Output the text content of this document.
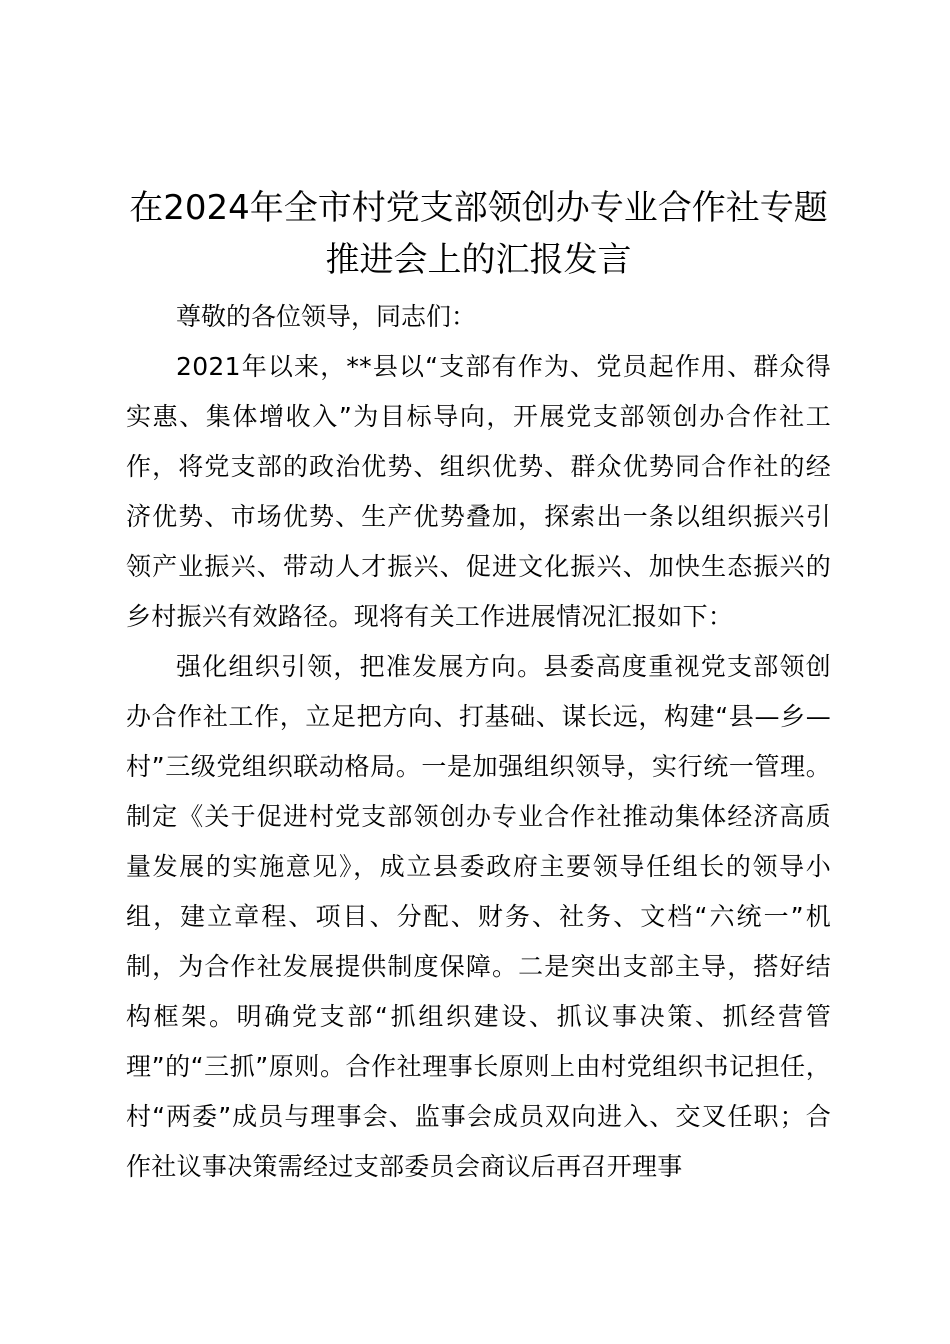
在2024年全市村党支部领创办专业合作社专题推进会上的汇报发言

尊敬的各位领导，同志们：

2021年以来，**县以“支部有作为、党员起作用、群众得实惠、集体增收入”为目标导向，开展党支部领创办合作社工作，将党支部的政治优势、组织优势、群众优势同合作社的经济优势、市场优势、生产优势叠加，探索出一条以组织振兴引领产业振兴、带动人才振兴、促进文化振兴、加快生态振兴的乡村振兴有效路径。现将有关工作进展情况汇报如下：

强化组织引领，把准发展方向。县委高度重视党支部领创办合作社工作，立足把方向、打基础、谋长远，构建“县—乡—村”三级党组织联动格局。一是加强组织领导，实行统一管理。制定《关于促进村党支部领创办专业合作社推动集体经济高质量发展的实施意见》，成立县委政府主要领导任组长的领导小组，建立章程、项目、分配、财务、社务、文档“六统一”机制，为合作社发展提供制度保障。二是突出支部主导，搭好结构框架。明确党支部“抓组织建设、抓议事决策、抓经营管理”的“三抓”原则。合作社理事长原则上由村党组织书记担任，村“两委”成员与理事会、监事会成员双向进入、交叉任职；合作社议事决策需经过支部委员会商议后再召开理事
